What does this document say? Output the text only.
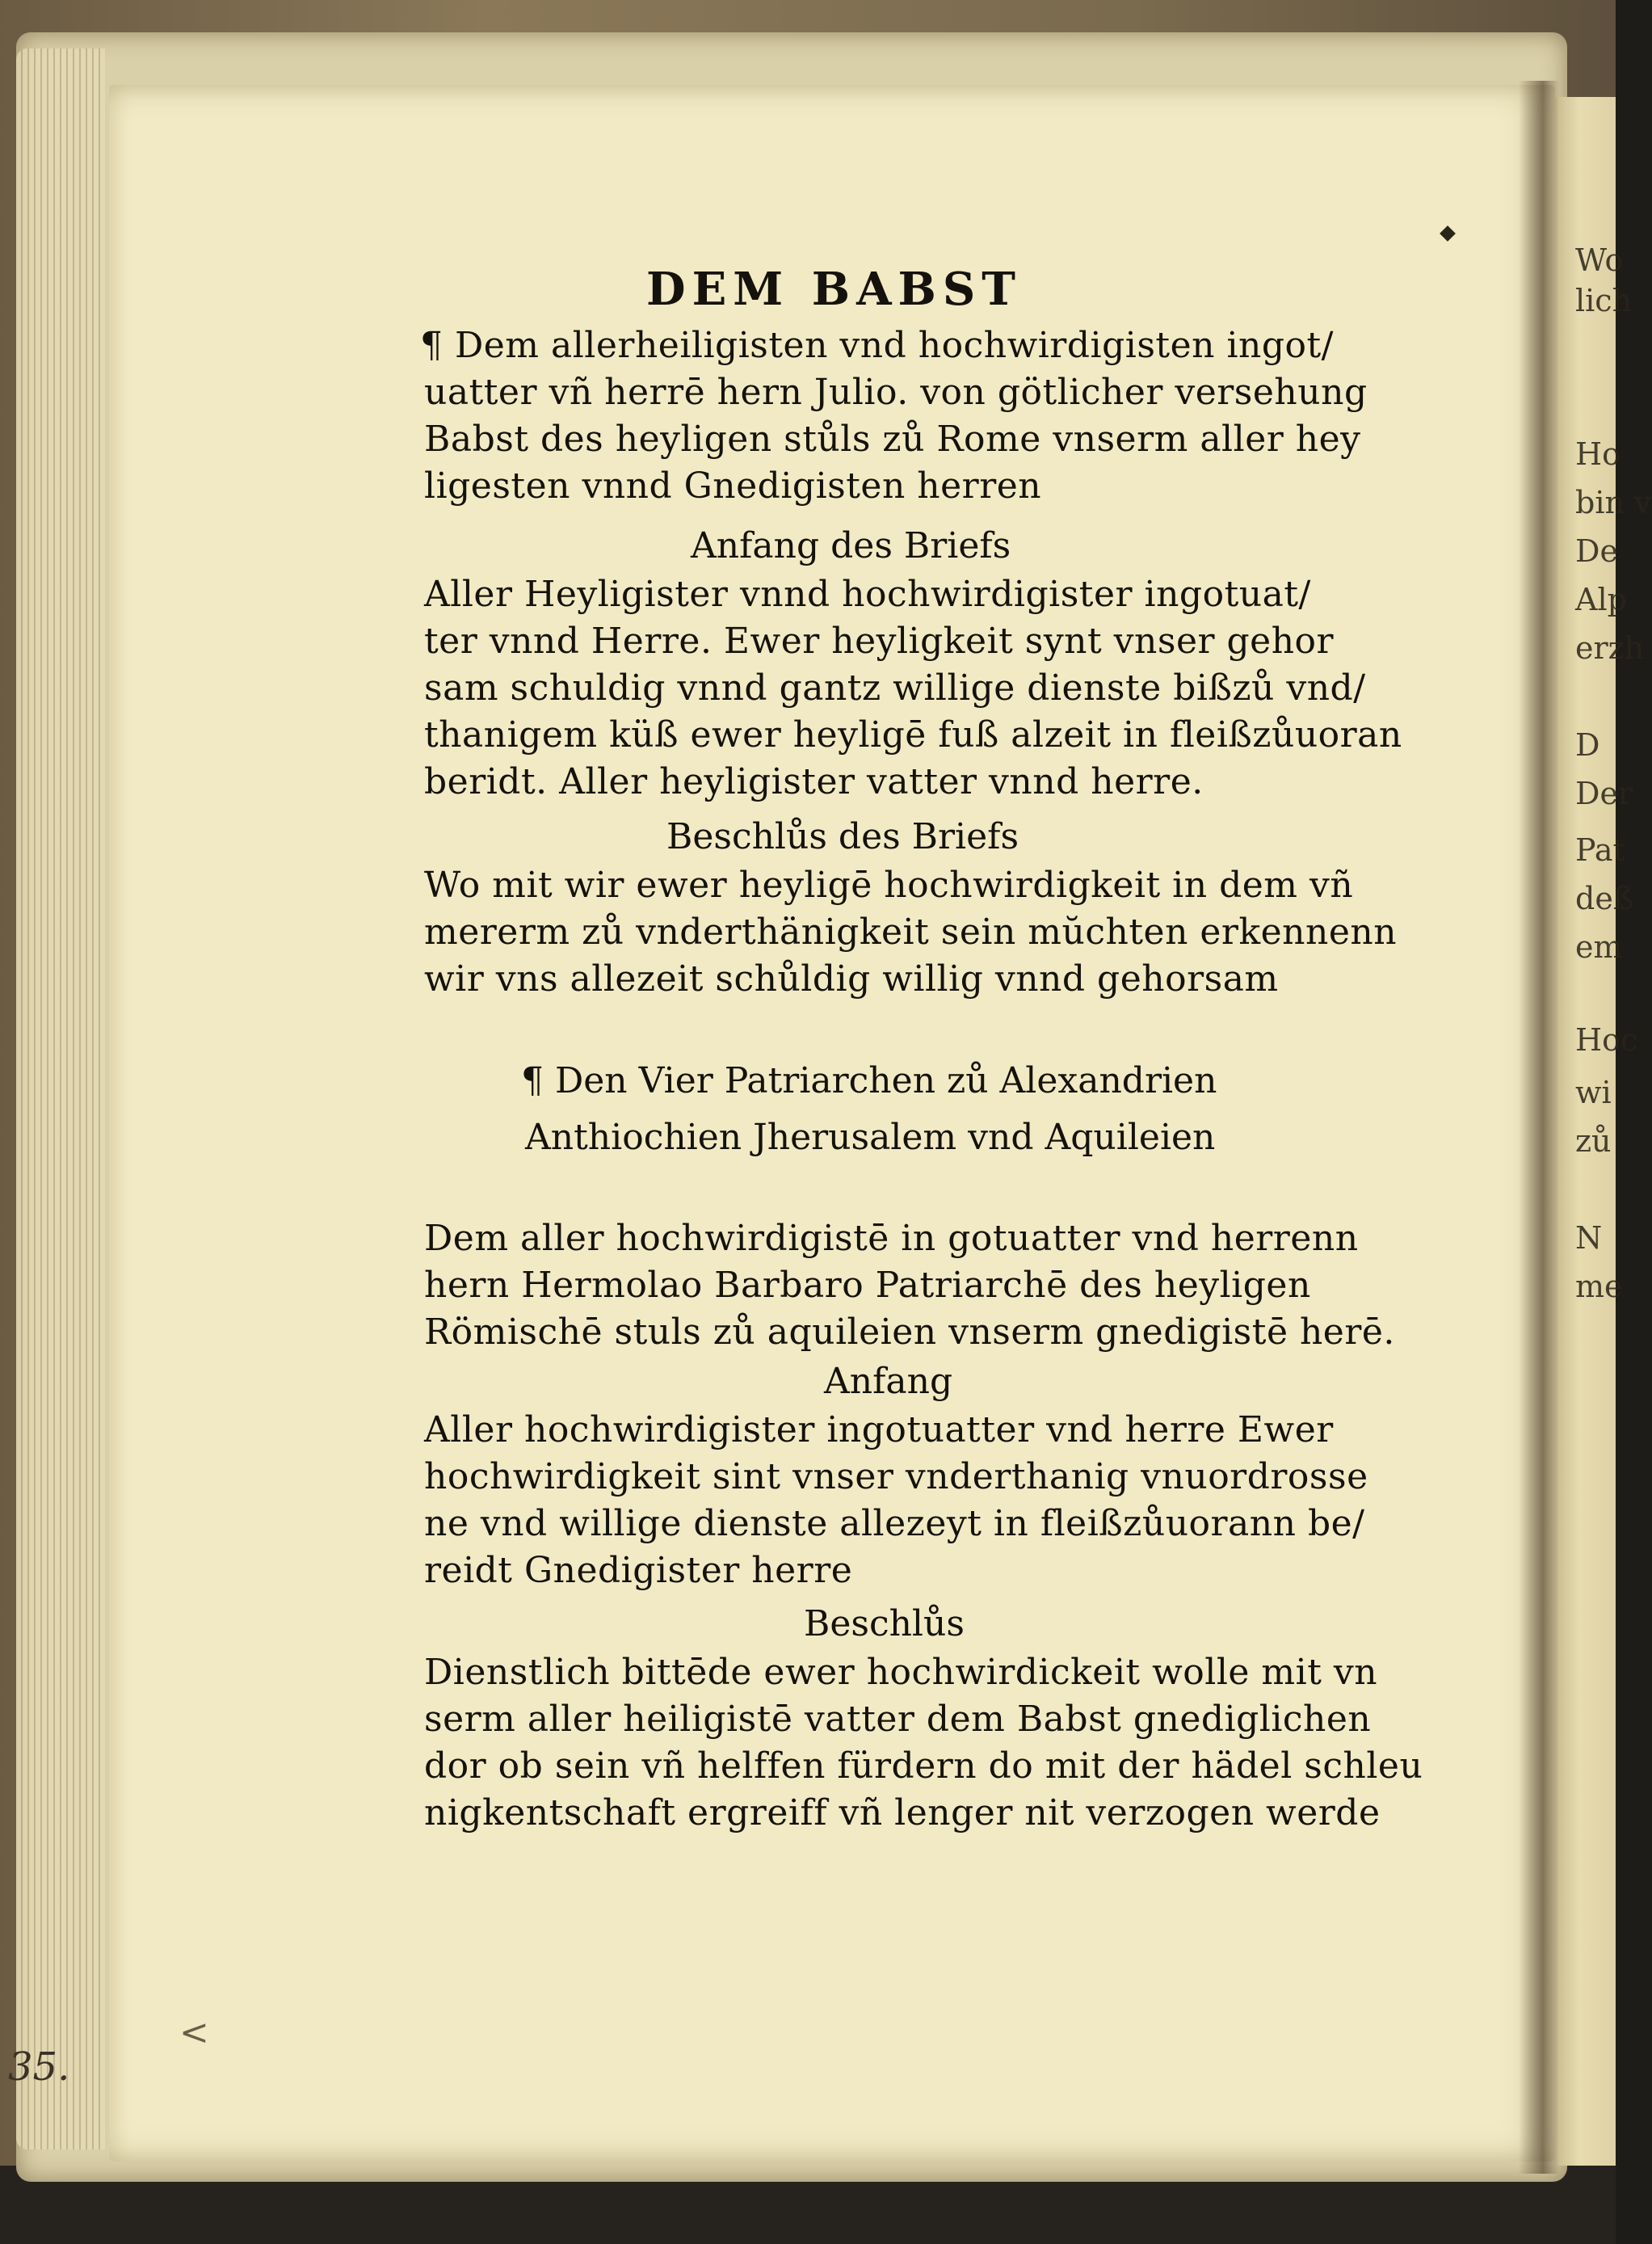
Wo
lich
Ho
bin v
De
Alp
erzh
D
Der
Pat
deß
em
Hoc
wi
zů
N
me
DEM BABST
¶ Dem allerheiligisten vnd hochwirdigisten ingot/
uatter vñ herrē hern Julio. von götlicher versehung
Babst des heyligen stůls zů Rome vnserm aller hey
ligesten vnnd Gnedigisten herren
Anfang des Briefs
Aller Heyligister vnnd hochwirdigister ingotuat/
ter vnnd Herre. Ewer heyligkeit synt vnser gehor
sam schuldig vnnd gantz willige dienste bißzů vnd/
thanigem küß ewer heyligē fuß alzeit in fleißzůuoran
beridt. Aller heyligister vatter vnnd herre.
Beschlůs des Briefs
Wo mit wir ewer heyligē hochwirdigkeit in dem vñ
mererm zů vnderthänigkeit sein mŭchten erkennenn
wir vns allezeit schůldig willig vnnd gehorsam
¶ Den Vier Patriarchen zů Alexandrien
Anthiochien Jherusalem vnd Aquileien
Dem aller hochwirdigistē in gotuatter vnd herrenn
hern Hermolao Barbaro Patriarchē des heyligen
Römischē stuls zů aquileien vnserm gnedigistē herē.
Anfang
Aller hochwirdigister ingotuatter vnd herre Ewer
hochwirdigkeit sint vnser vnderthanig vnuordrosse
ne vnd willige dienste allezeyt in fleißzůuorann be/
reidt Gnedigister herre
Beschlůs
Dienstlich bittēde ewer hochwirdickeit wolle mit vn
serm aller heiligistē vatter dem Babst gnediglichen
dor ob sein vñ helffen fürdern do mit der hädel schleu
nigkentschaft ergreiff vñ lenger nit verzogen werde
<
35.
